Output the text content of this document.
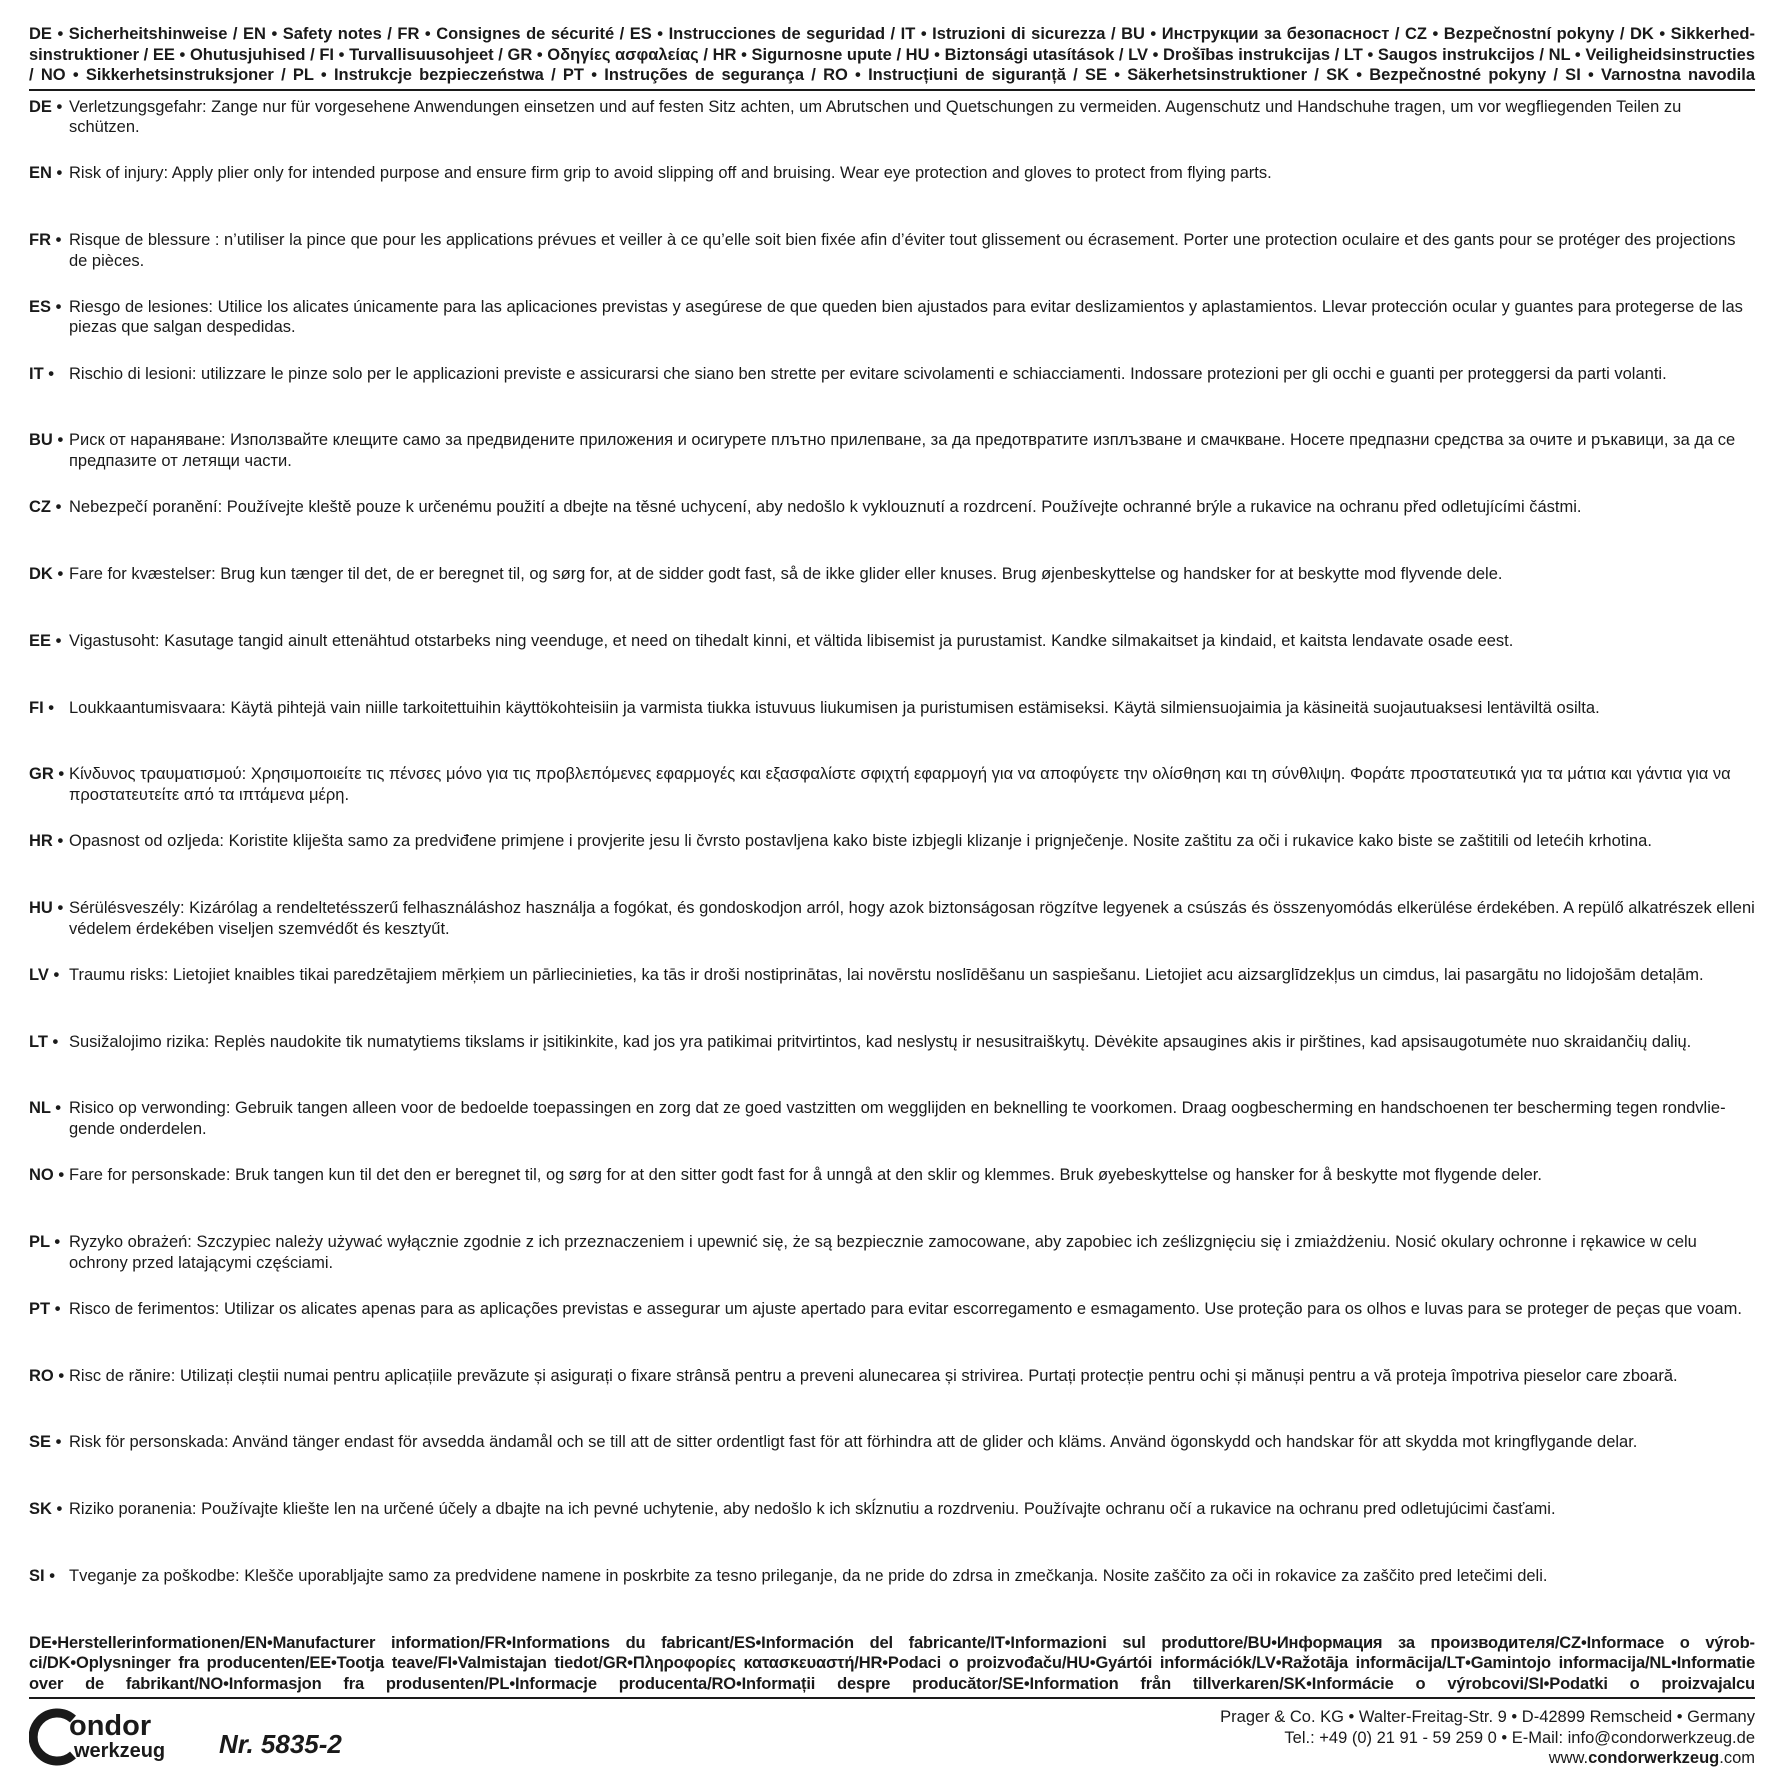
DE • Sicherheitshinweise / EN • Safety notes / FR • Consignes de sécurité / ES • Instrucciones de seguridad / IT • Istruzioni di sicurezza / BU • Инструкции за безопасност / CZ • Bezpečnostní pokyny / DK • Sikkerhedsinstruktioner / EE • Ohutusjuhised / FI • Turvallisuusohjeet / GR • Οδηγίες ασφαλείας / HR • Sigurnosne upute / HU • Biztonsági utasítások / LV • Drošības instrukcijas / LT • Saugos instrukcijos / NL • Veiligheidsinstructies / NO • Sikkerhetsinstruksjoner / PL • Instrukcje bezpieczeństwa / PT • Instruções de segurança / RO • Instrucțiuni de siguranță / SE • Säkerhetsinstruktioner / SK • Bezpečnostné pokyny / SI • Varnostna navodila
DE • Verletzungsgefahr: Zange nur für vorgesehene Anwendungen einsetzen und auf festen Sitz achten, um Abrutschen und Quetschungen zu vermeiden. Augenschutz und Handschuhe tragen, um vor wegfliegenden Teilen zu schützen.
EN • Risk of injury: Apply plier only for intended purpose and ensure firm grip to avoid slipping off and bruising. Wear eye protection and gloves to protect from flying parts.
FR • Risque de blessure : n’utiliser la pince que pour les applications prévues et veiller à ce qu’elle soit bien fixée afin d’éviter tout glissement ou écrasement. Porter une protection oculaire et des gants pour se protéger des projections de pièces.
ES • Riesgo de lesiones: Utilice los alicates únicamente para las aplicaciones previstas y asegúrese de que queden bien ajustados para evitar deslizamientos y aplastamientos. Llevar protección ocular y guantes para protegerse de las piezas que salgan despedidas.
IT • Rischio di lesioni: utilizzare le pinze solo per le applicazioni previste e assicurarsi che siano ben strette per evitare scivolamenti e schiacciamenti. Indossare protezioni per gli occhi e guanti per proteggersi da parti volanti.
BU • Риск от нараняване: Използвайте клещите само за предвидените приложения и осигурете плътно прилепване, за да предотвратите изплъзване и смачкване. Носете предпазни средства за очите и ръкавици, за да се предпазите от летящи части.
CZ • Nebezpečí poranění: Používejte kleště pouze k určenému použití a dbejte na těsné uchycení, aby nedošlo k vyklouznutí a rozdrcení. Používejte ochranné brýle a rukavice na ochranu před odletujícími částmi.
DK • Fare for kvæstelser: Brug kun tænger til det, de er beregnet til, og sørg for, at de sidder godt fast, så de ikke glider eller knuses. Brug øjenbeskyttelse og handsker for at beskytte mod flyvende dele.
EE • Vigastusoht: Kasutage tangid ainult ettenähtud otstarbeks ning veenduge, et need on tihedalt kinni, et vältida libisemist ja purustamist. Kandke silmakaitset ja kindaid, et kaitsta lendavate osade eest.
FI • Loukkaantumisvaara: Käytä pihtejä vain niille tarkoitettuihin käyttökohteisiin ja varmista tiukka istuvuus liukumisen ja puristumisen estämiseksi. Käytä silmiensuojaimia ja käsineitä suojautuaksesi lentäviltä osilta.
GR • Κίνδυνος τραυματισμού: Χρησιμοποιείτε τις πένσες μόνο για τις προβλεπόμενες εφαρμογές και εξασφαλίστε σφιχτή εφαρμογή για να αποφύγετε την ολίσθηση και τη σύνθλιψη. Φοράτε προστατευτικά για τα μάτια και γάντια για να προστατευτείτε από τα ιπτάμενα μέρη.
HR • Opasnost od ozljeda: Koristite kliješta samo za predviđene primjene i provjerite jesu li čvrsto postavljena kako biste izbjegli klizanje i prignječenje. Nosite zaštitu za oči i rukavice kako biste se zaštitili od letećih krhotina.
HU • Sérülésveszély: Kizárólag a rendeltetésszerű felhasználáshoz használja a fogókat, és gondoskodjon arról, hogy azok biztonságosan rögzítve legyenek a csúszás és összenyomódás elkerülése érdekében. A repülő alkatrészek elleni védelem érdekében viseljen szemvédőt és kesztyűt.
LV • Traumu risks: Lietojiet knaibles tikai paredzētajiem mērķiem un pārliecinieties, ka tās ir droši nostiprinātas, lai novērstu noslīdēšanu un saspiešanu. Lietojiet acu aizsarglīdzekļus un cimdus, lai pasargātu no lidojošām detaļām.
LT • Susižalojimo rizika: Replės naudokite tik numatytiems tikslams ir įsitikinkite, kad jos yra patikimai pritvirtintos, kad neslystų ir nesusitraiškytų. Dėvėkite apsaugines akis ir pirštines, kad apsisaugotumėte nuo skraidančių dalių.
NL • Risico op verwonding: Gebruik tangen alleen voor de bedoelde toepassingen en zorg dat ze goed vastzitten om wegglijden en beknelling te voorkomen. Draag oogbescherming en handschoenen ter bescherming tegen rondvliegende onderdelen.
NO • Fare for personskade: Bruk tangen kun til det den er beregnet til, og sørg for at den sitter godt fast for å unngå at den sklir og klemmes. Bruk øyebeskyttelse og hansker for å beskytte mot flygende deler.
PL • Ryzyko obrażeń: Szczypiec należy używać wyłącznie zgodnie z ich przeznaczeniem i upewnić się, że są bezpiecznie zamocowane, aby zapobiec ich ześlizgnięciu się i zmiażdżeniu. Nosić okulary ochronne i rękawice w celu ochrony przed latającymi częściami.
PT • Risco de ferimentos: Utilizar os alicates apenas para as aplicações previstas e assegurar um ajuste apertado para evitar escorregamento e esmagamento. Use proteção para os olhos e luvas para se proteger de peças que voam.
RO • Risc de rănire: Utilizați cleștii numai pentru aplicațiile prevăzute și asigurați o fixare strânsă pentru a preveni alunecarea și strivirea. Purtați protecție pentru ochi și mănuși pentru a vă proteja împotriva pieselor care zboară.
SE • Risk för personskada: Använd tänger endast för avsedda ändamål och se till att de sitter ordentligt fast för att förhindra att de glider och kläms. Använd ögonskydd och handskar för att skydda mot kringflygande delar.
SK • Riziko poranenia: Používajte kliešte len na určené účely a dbajte na ich pevné uchytenie, aby nedošlo k ich skĺznutiu a rozdrveniu. Používajte ochranu očí a rukavice na ochranu pred odletujúcimi časťami.
SI • Tveganje za poškodbe: Klešče uporabljajte samo za predvidene namene in poskrbite za tesno prileganje, da ne pride do zdrsa in zmečkanja. Nosite zaščito za oči in rokavice za zaščito pred letečimi deli.
DE•Herstellerinformationen/EN•Manufacturer information/FR•Informations du fabricant/ES•Información del fabricante/IT•Informazioni sul produttore/BU•Информация за производителя/CZ•Informace o výrobci/DK•Oplysninger fra producenten/EE•Tootja teave/FI•Valmistajan tiedot/GR•Πληροφορίες κατασκευαστή/HR•Podaci o proizvođaču/HU•Gyártói információk/LV•Ražotāja informācija/LT•Gamintojo informacija/NL•Informatie over de fabrikant/NO•Informasjon fra produsenten/PL•Informacje producenta/RO•Informații despre producător/SE•Information från tillverkaren/SK•Informácie o výrobcovi/SI•Podatki o proizvajalcu
ondor
werkzeug Nr. 5835-2
Prager & Co. KG • Walter-Freitag-Str. 9 • D-42899 Remscheid • Germany
Tel.: +49 (0) 21 91 - 59 259 0 • E-Mail: info@condorwerkzeug.de
www.condorwerkzeug.com
